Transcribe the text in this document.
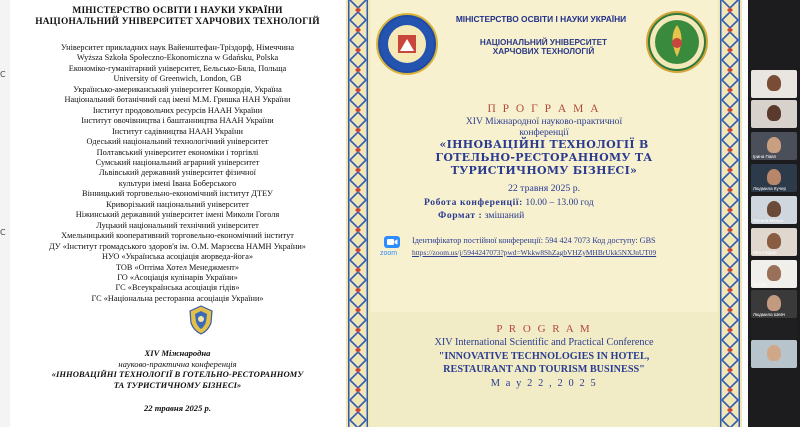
C
C
МІНІСТЕРСТВО ОСВІТИ І НАУКИ УКРАЇНИ
НАЦІОНАЛЬНИЙ УНІВЕРСИТЕТ ХАРЧОВИХ ТЕХНОЛОГІЙ
Університет прикладних наук Вайенштефан-Тріздорф, Німеччина
Wyższa Szkoła Społeczno-Ekonomiczna w Gdańsku, Polska
Економіко-гуманітарний університет, Бельсько-Бяла, Польща
University of Greenwich, London, GB
Українсько-американський університет Конкордія, Україна
Національний ботанічний сад імені М.М. Гришка НАН України
Інститут продовольчих ресурсів НААН України
Інститут овочівництва і баштанництва НААН України
Інститут садівництва НААН України
Одеський національний технологічний університет
Полтавський університет економіки і торгівлі
Сумський національний аграрний університет
Львівський державний університет фізичної
культури імені Івана Боберського
Вінницький торговельно-економічний інститут ДТЕУ
Криворізький національний університет
Ніжинський державний університет імені Миколи Гоголя
Луцький національний технічний університет
Хмельницький кооперативний торговельно-економічний інститут
ДУ «Інститут громадського здоров'я ім. О.М. Марзєєва НАМН України»
НУО «Українська асоціація аюрведа-йога»
ТОВ «Оптіма Хотел Менеджмент»
ГО «Асоціація кулінарів України»
ГС «Всеукраїнська асоціація гідів»
ГС «Національна ресторанна асоціація України»
XIV Міжнародна
науково-практична конференція
«ІННОВАЦІЙНІ ТЕХНОЛОГІЇ В ГОТЕЛЬНО-РЕСТОРАННОМУ
ТА ТУРИСТИЧНОМУ БІЗНЕСІ»
22 травня 2025 р.
МІНІСТЕРСТВО ОСВІТИ І НАУКИ УКРАЇНИ
НАЦІОНАЛЬНИЙ УНІВЕРСИТЕТ
ХАРЧОВИХ ТЕХНОЛОГІЙ
П Р О Г Р А М А
XIV Міжнародної науково-практичної
конференції
«ІННОВАЦІЙНІ ТЕХНОЛОГІЇ В
ГОТЕЛЬНО-РЕСТОРАННОМУ ТА
ТУРИСТИЧНОМУ БІЗНЕСІ»
22 травня 2025 р.
Робота конференції: 10.00 – 13.00 год
Формат : змішаний
zoom
Ідентифікатор постійної конференції: 594 424 7073 Код доступу: GBS
https://zoom.us/j/5944247073?pwd=Wkkw8ShZagbVHZyMHBrUkk5NXJnUT09
P R O G R A M
XIV International Scientific and Practical Conference
"INNOVATIVE TECHNOLOGIES IN HOTEL,
RESTAURANT AND TOURISM BUSINESS"
M a y 2 2 , 2 0 2 5
Ірина Павл
Людмила Кучер
Оксана Мельн
Ліга Свідер
Олена
Людмила Шевч
